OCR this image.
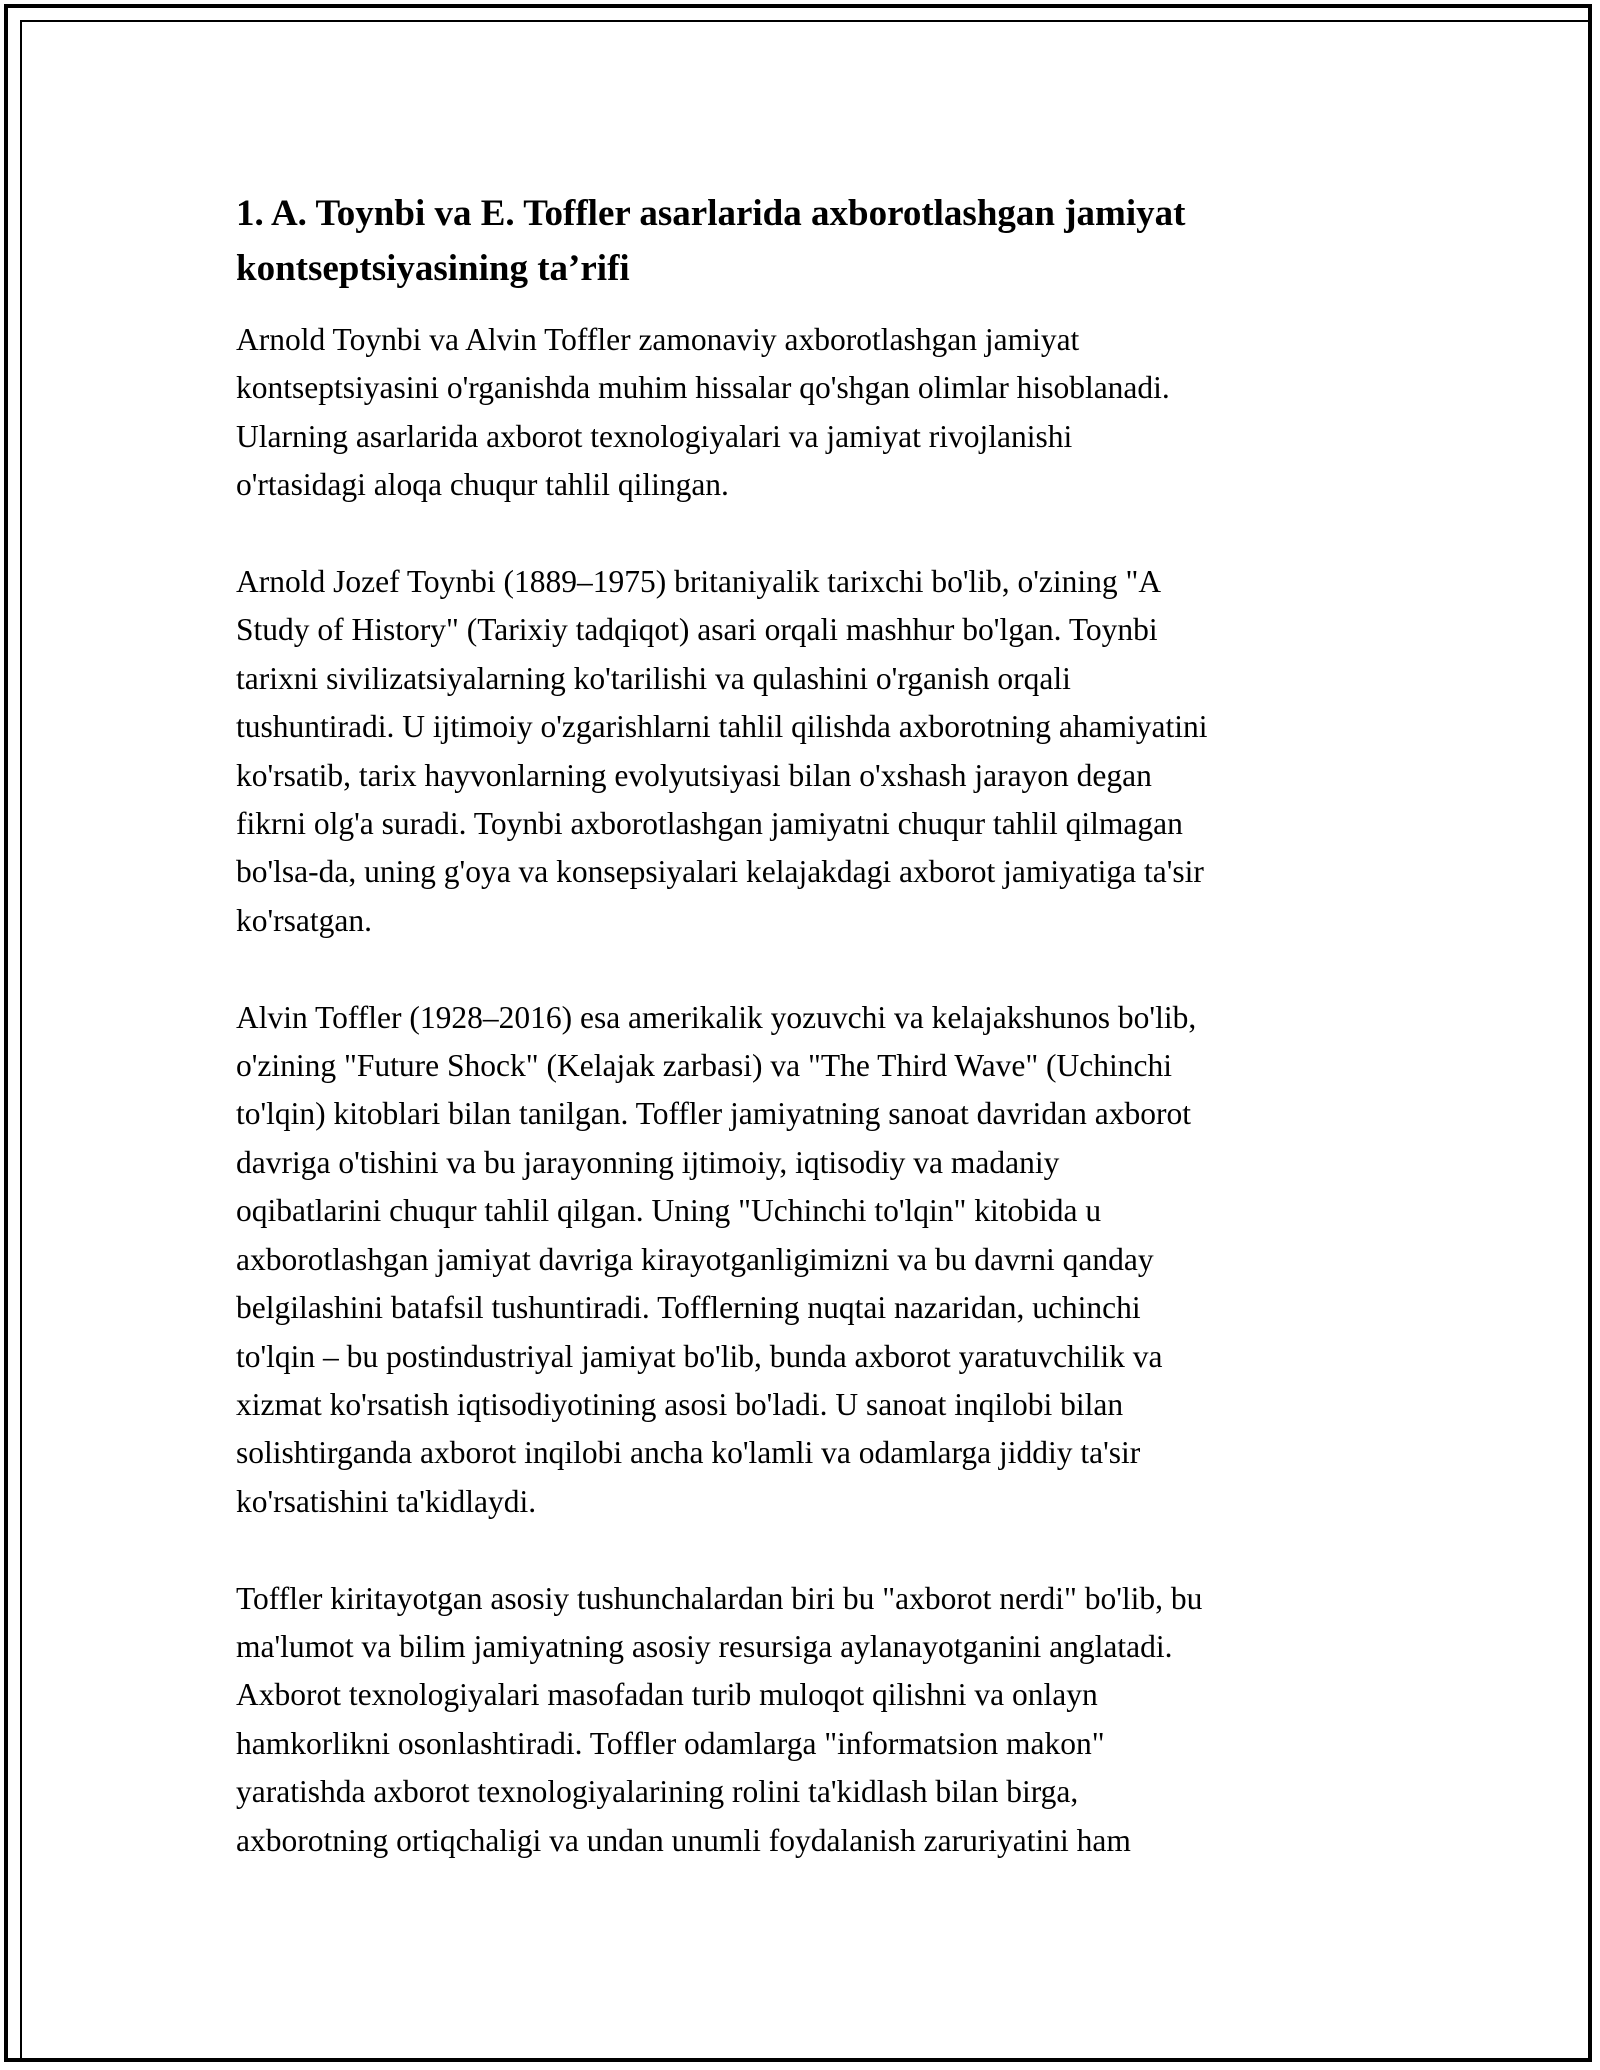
1. A. Toynbi va E. Toffler asarlarida axborotlashgan jamiyat
kontseptsiyasining ta’rifi

Arnold Toynbi va Alvin Toffler zamonaviy axborotlashgan jamiyat
kontseptsiyasini o'rganishda muhim hissalar qo'shgan olimlar hisoblanadi.
Ularning asarlarida axborot texnologiyalari va jamiyat rivojlanishi
o'rtasidagi aloqa chuqur tahlil qilingan.

Arnold Jozef Toynbi (1889–1975) britaniyalik tarixchi bo'lib, o'zining "A
Study of History" (Tarixiy tadqiqot) asari orqali mashhur bo'lgan. Toynbi
tarixni sivilizatsiyalarning ko'tarilishi va qulashini o'rganish orqali
tushuntiradi. U ijtimoiy o'zgarishlarni tahlil qilishda axborotning ahamiyatini
ko'rsatib, tarix hayvonlarning evolyutsiyasi bilan o'xshash jarayon degan
fikrni olg'a suradi. Toynbi axborotlashgan jamiyatni chuqur tahlil qilmagan
bo'lsa-da, uning g'oya va konsepsiyalari kelajakdagi axborot jamiyatiga ta'sir
ko'rsatgan.

Alvin Toffler (1928–2016) esa amerikalik yozuvchi va kelajakshunos bo'lib,
o'zining "Future Shock" (Kelajak zarbasi) va "The Third Wave" (Uchinchi
to'lqin) kitoblari bilan tanilgan. Toffler jamiyatning sanoat davridan axborot
davriga o'tishini va bu jarayonning ijtimoiy, iqtisodiy va madaniy
oqibatlarini chuqur tahlil qilgan. Uning "Uchinchi to'lqin" kitobida u
axborotlashgan jamiyat davriga kirayotganligimizni va bu davrni qanday
belgilashini batafsil tushuntiradi. Tofflerning nuqtai nazaridan, uchinchi
to'lqin – bu postindustriyal jamiyat bo'lib, bunda axborot yaratuvchilik va
xizmat ko'rsatish iqtisodiyotining asosi bo'ladi. U sanoat inqilobi bilan
solishtirganda axborot inqilobi ancha ko'lamli va odamlarga jiddiy ta'sir
ko'rsatishini ta'kidlaydi.

Toffler kiritayotgan asosiy tushunchalardan biri bu "axborot nerdi" bo'lib, bu
ma'lumot va bilim jamiyatning asosiy resursiga aylanayotganini anglatadi.
Axborot texnologiyalari masofadan turib muloqot qilishni va onlayn
hamkorlikni osonlashtiradi. Toffler odamlarga "informatsion makon"
yaratishda axborot texnologiyalarining rolini ta'kidlash bilan birga,
axborotning ortiqchaligi va undan unumli foydalanish zaruriyatini ham
